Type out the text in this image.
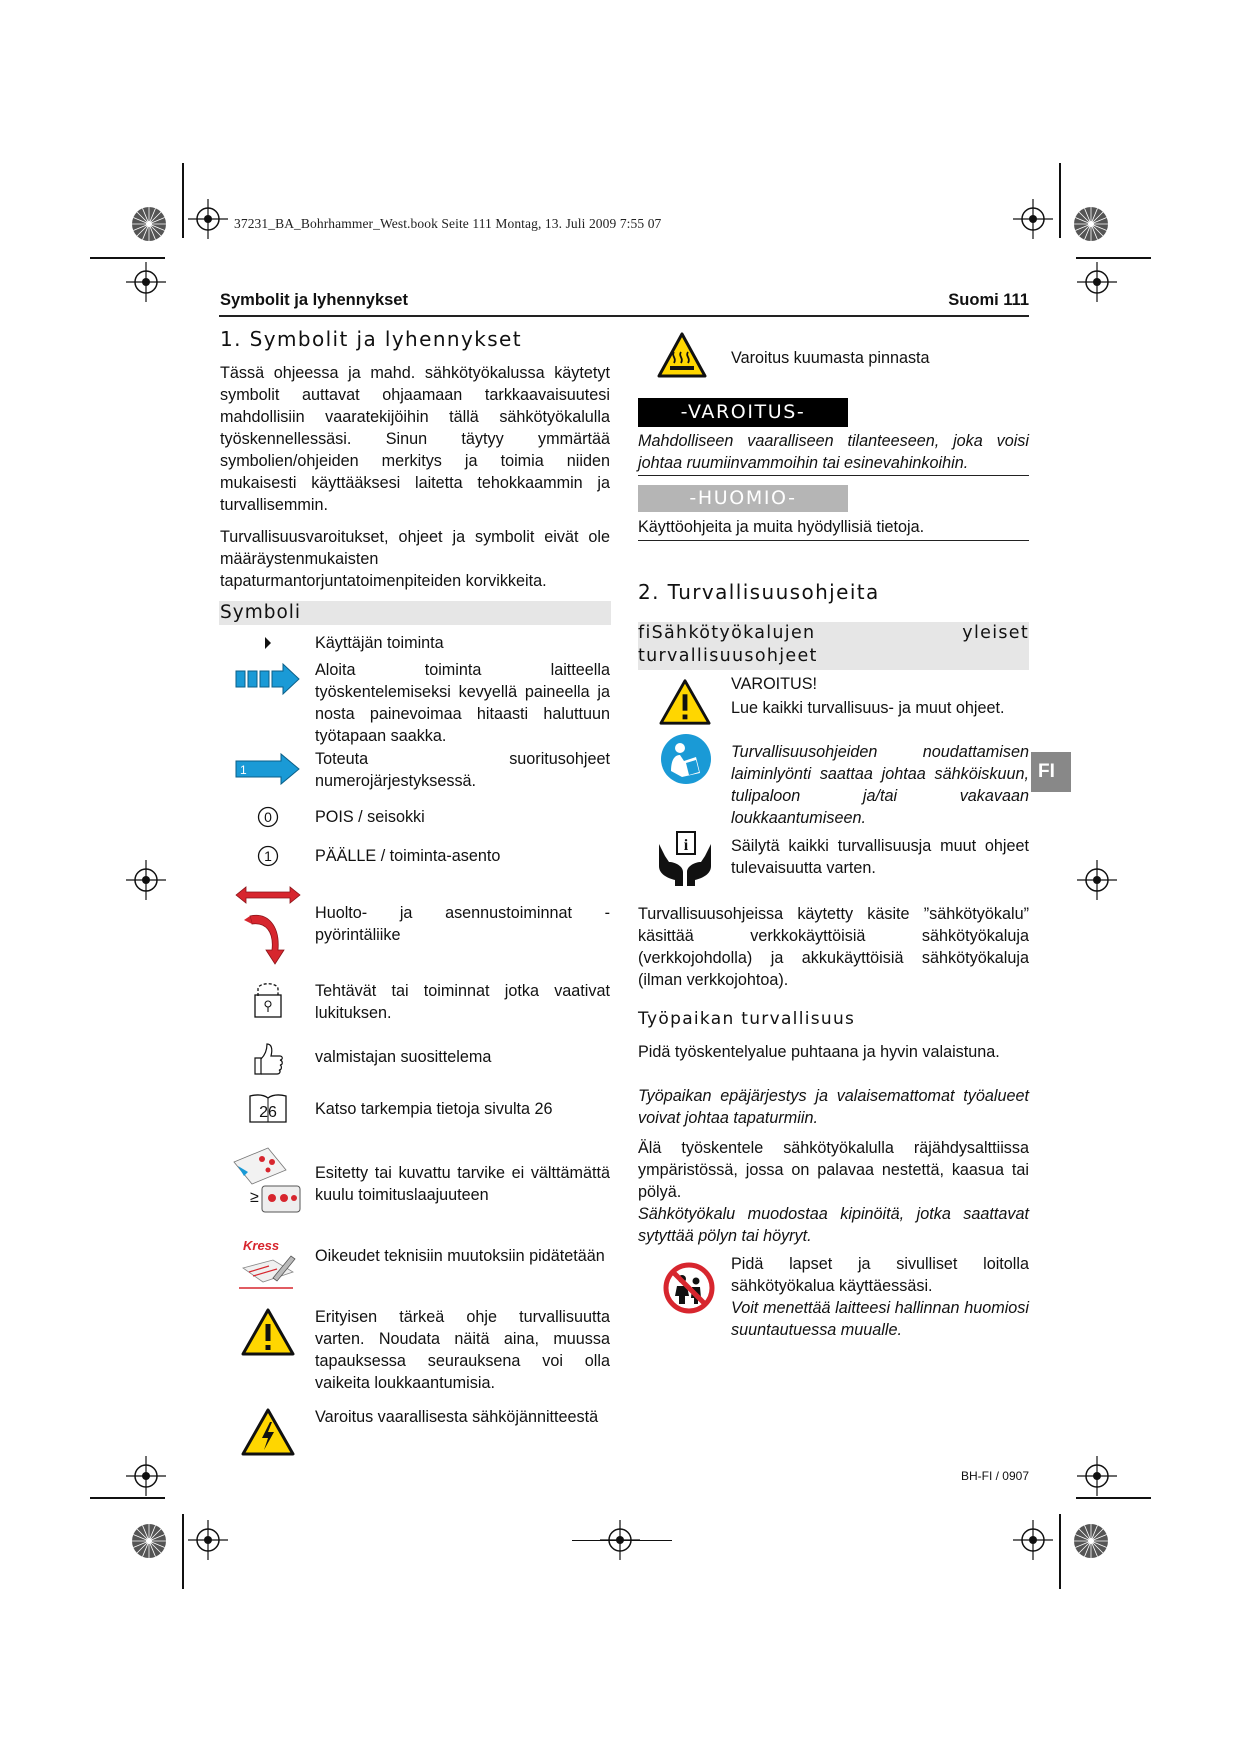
37231_BA_Bohrhammer_West.book Seite 111 Montag, 13. Juli 2009 7:55 07
Symbolit ja lyhennykset	Suomi 111
1. Symbolit ja lyhennykset

Tässä ohjeessa ja mahd. sähkötyökalussa käytetyt symbolit auttavat ohjaamaan tarkkaavaisuutesi mahdollisiin vaaratekijöihin tällä sähkötyökalulla työskennellessäsi. Sinun täytyy ymmärtää symbolien/ohjeiden merkitys ja toimia niiden mukaisesti käyttääksesi laitetta tehokkaammin ja turvallisemmin.

Turvallisuusvaroitukset, ohjeet ja symbolit eivät ole määräystenmukaisten tapaturmantorjuntatoimenpiteiden korvikkeita.

Symboli
Käyttäjän toiminta
Aloita toiminta laitteella työskentelemiseksi kevyellä paineella ja nosta painevoimaa hitaasti haluttuun työtapaan saakka.
1
Toteuta suoritusohjeet numerojärjestyksessä.
0	POIS / seisokki
1	PÄÄLLE / toiminta-asento
Huolto- ja asennustoiminnat - pyörintäliike
Tehtävät tai toiminnat jotka vaativat lukituksen.
valmistajan suosittelema
26 Katso tarkempia tietoja sivulta 26
≥
Esitetty tai kuvattu tarvike ei välttämättä kuulu toimituslaajuuteen
Kress
Oikeudet teknisiin muutoksiin pidätetään
Erityisen tärkeä ohje turvallisuutta varten. Noudata näitä aina, muussa tapauksessa seurauksena voi olla vaikeita loukkaantumisia.
Varoitus vaarallisesta sähköjännitteestä
Varoitus kuumasta pinnasta
-VAROITUS-

Mahdolliseen vaaralliseen tilanteeseen, joka voisi johtaa ruumiinvammoihin tai esinevahinkoihin.

-HUOMIO-
Käyttöohjeita ja muita hyödyllisiä tietoja.
2. Turvallisuusohjeita
fiSähkötyökalujen yleiset turvallisuusohjeet
VAROITUS!

Lue kaikki turvallisuus- ja muut ohjeet.

Turvallisuusohjeiden noudattamisen laiminlyönti saattaa johtaa sähköiskuun, tulipaloon ja/tai vakavaan loukkaantumiseen.

i	Säilytä kaikki turvallisuusja muut ohjeet tulevaisuutta varten.

Turvallisuusohjeissa käytetty käsite ”sähkötyökalu” käsittää verkkokäyttöisiä sähkötyökaluja (verkkojohdolla) ja akkukäyttöisiä sähkötyökaluja (ilman verkkojohtoa).

Työpaikan turvallisuus

Pidä työskentelyalue puhtaana ja hyvin valaistuna.

Työpaikan epäjärjestys ja valaisemattomat työalueet voivat johtaa tapaturmiin.

Älä työskentele sähkötyökalulla räjähdysalttiissa ympäristössä, jossa on palavaa nestettä, kaasua tai pölyä.

Sähkötyökalu muodostaa kipinöitä, jotka saattavat sytyttää pölyn tai höyryt.

Pidä lapset ja sivulliset loitolla sähkötyökalua käyttäessäsi.

Voit menettää laitteesi hallinnan huomiosi suuntautuessa muualle.

FI
BH-FI / 0907
